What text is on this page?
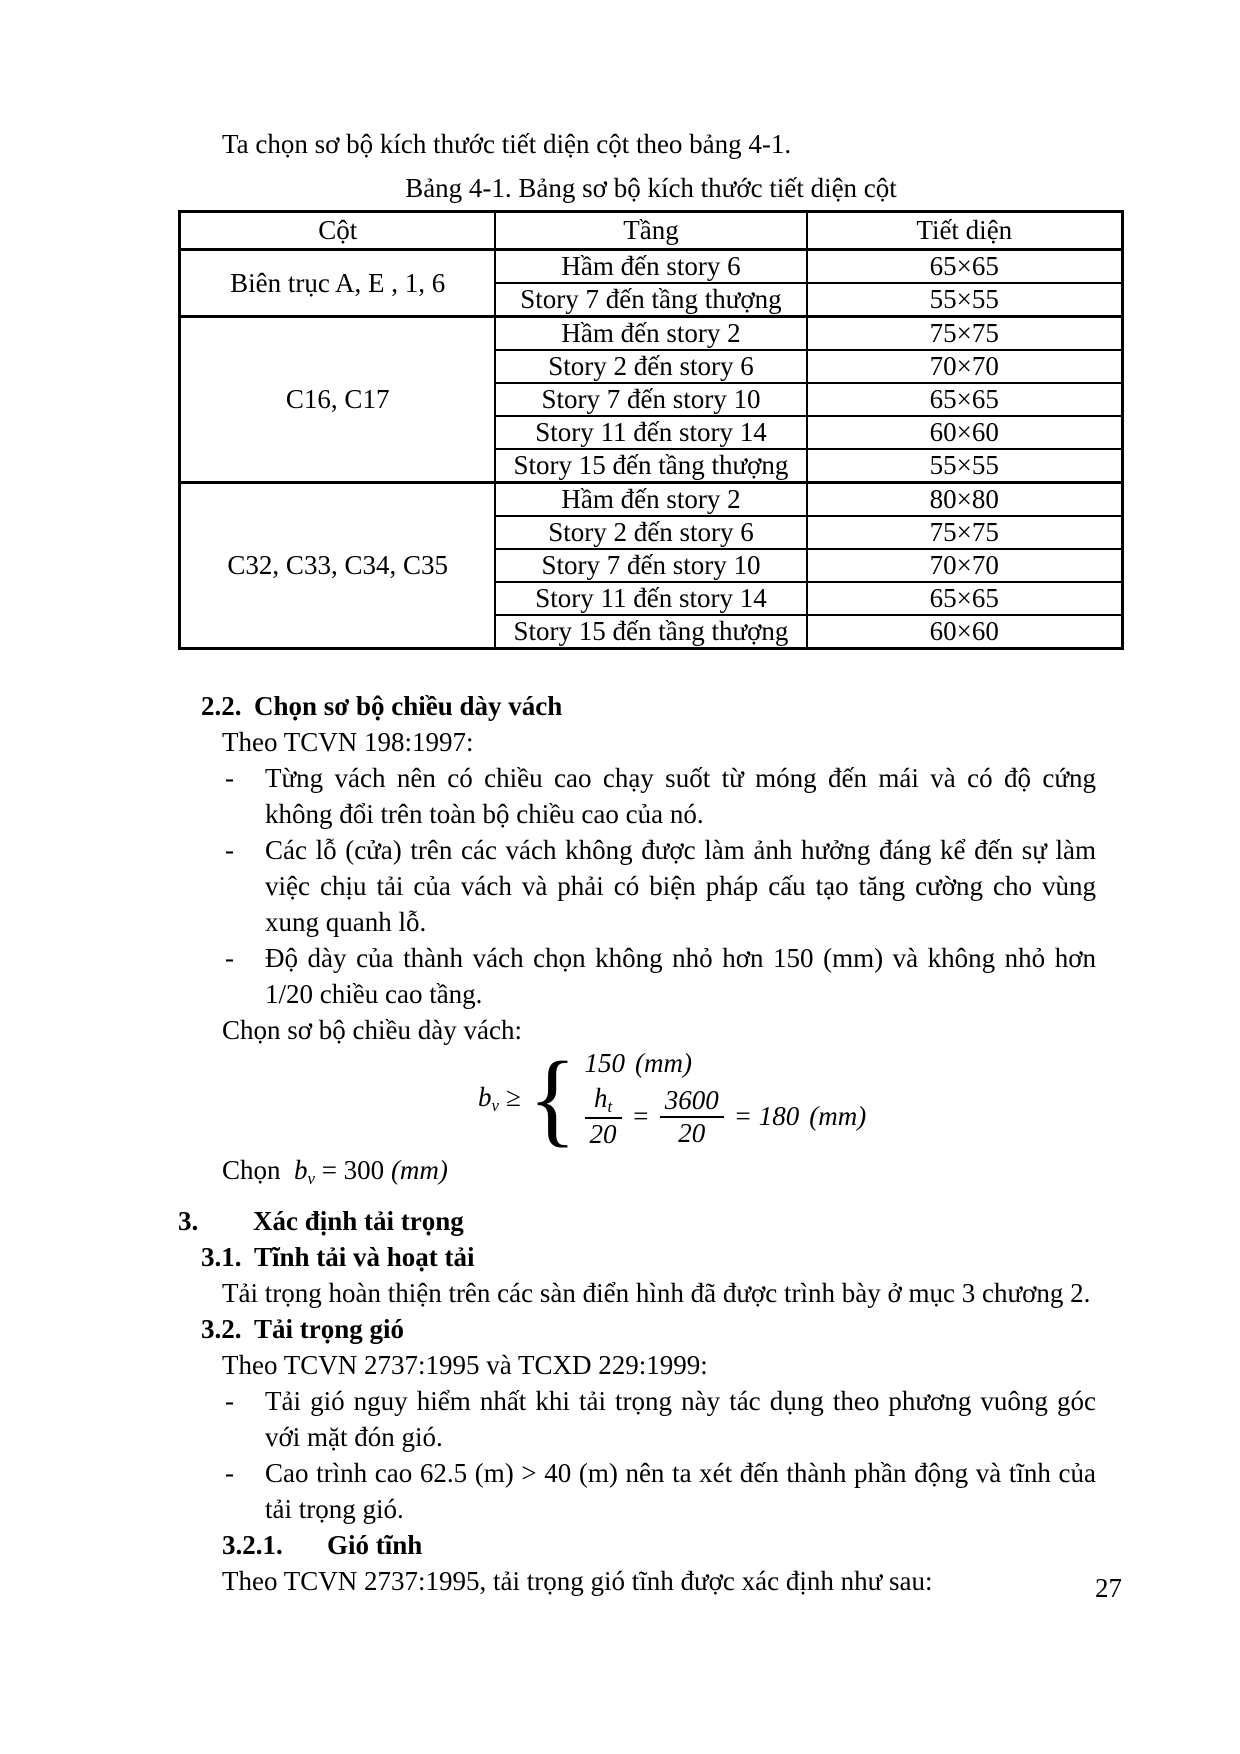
Ta chọn sơ bộ kích thước tiết diện cột theo bảng 4-1.

Bảng 4-1. Bảng sơ bộ kích thước tiết diện cột
Cột	Tầng	Tiết diện
Biên trục A, E , 1, 6	Hầm đến story 6	65×65
	Story 7 đến tầng thượng	55×55
C16, C17	Hầm đến story 2	75×75
	Story 2 đến story 6	70×70
	Story 7 đến story 10	65×65
	Story 11 đến story 14	60×60
	Story 15 đến tầng thượng	55×55
C32, C33, C34, C35	Hầm đến story 2	80×80
	Story 2 đến story 6	75×75
	Story 7 đến story 10	70×70
	Story 11 đến story 14	65×65
	Story 15 đến tầng thượng	60×60
2.2. Chọn sơ bộ chiều dày vách

Theo TCVN 198:1997:

-	Từng vách nên có chiều cao chạy suốt từ móng đến mái và có độ cứng không đổi trên toàn bộ chiều cao của nó.
-	Các lỗ (cửa) trên các vách không được làm ảnh hưởng đáng kể đến sự làm việc chịu tải của vách và phải có biện pháp cấu tạo tăng cường cho vùng xung quanh lỗ.
-	Độ dày của thành vách chọn không nhỏ hơn 150 (mm) và không nhỏ hơn 1/20 chiều cao tầng.

Chọn sơ bộ chiều dày vách:

$b_v$ ≥ { 150 (mm)
$\frac{h_t}{20} = \frac{3600}{20} = 180$ (mm)

Chọn $b_v = 300$ (mm)

3.	Xác định tải trọng
3.1. Tĩnh tải và hoạt tải

Tải trọng hoàn thiện trên các sàn điển hình đã được trình bày ở mục 3 chương 2.

3.2. Tải trọng gió

Theo TCVN 2737:1995 và TCXD 229:1999:

-	Tải gió nguy hiểm nhất khi tải trọng này tác dụng theo phương vuông góc với mặt đón gió.
-	Cao trình cao 62.5 (m) > 40 (m) nên ta xét đến thành phần động và tĩnh của tải trọng gió.
3.2.1.	Gió tĩnh

Theo TCVN 2737:1995, tải trọng gió tĩnh được xác định như sau:	27
